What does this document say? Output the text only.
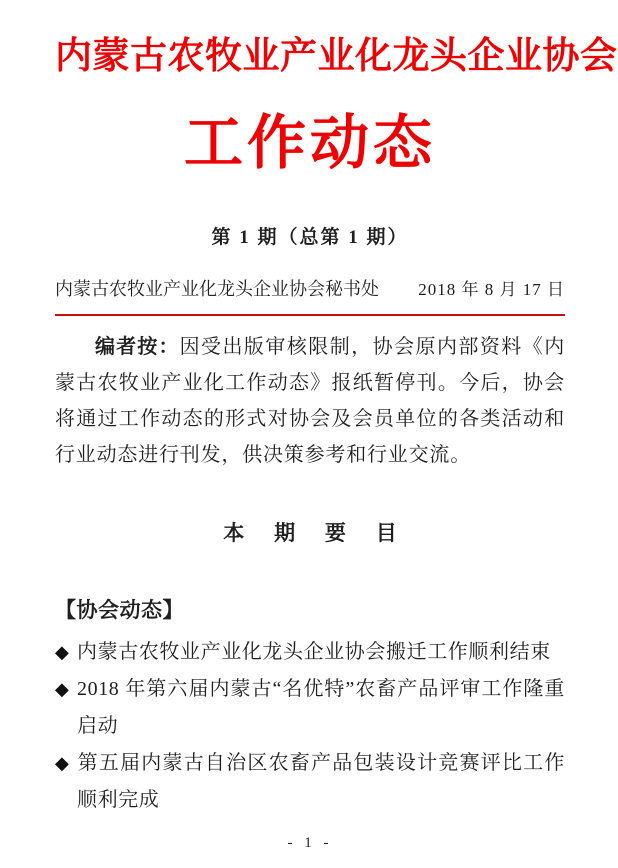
内蒙古农牧业产业化龙头企业协会
工作动态
第 1 期（总第 1 期）
内蒙古农牧业产业化龙头企业协会秘书处 2018 年 8 月 17 日

编者按：因受出版审核限制，协会原内部资料《内蒙古农牧业产业化工作动态》报纸暂停刊。今后，协会将通过工作动态的形式对协会及会员单位的各类活动和行业动态进行刊发，供决策参考和行业交流。

本 期 要 目
【协会动态】
◆ 内蒙古农牧业产业化龙头企业协会搬迁工作顺利结束
◆ 2018 年第六届内蒙古“名优特”农畜产品评审工作隆重启动
◆ 第五届内蒙古自治区农畜产品包装设计竞赛评比工作顺利完成
- 1 -
